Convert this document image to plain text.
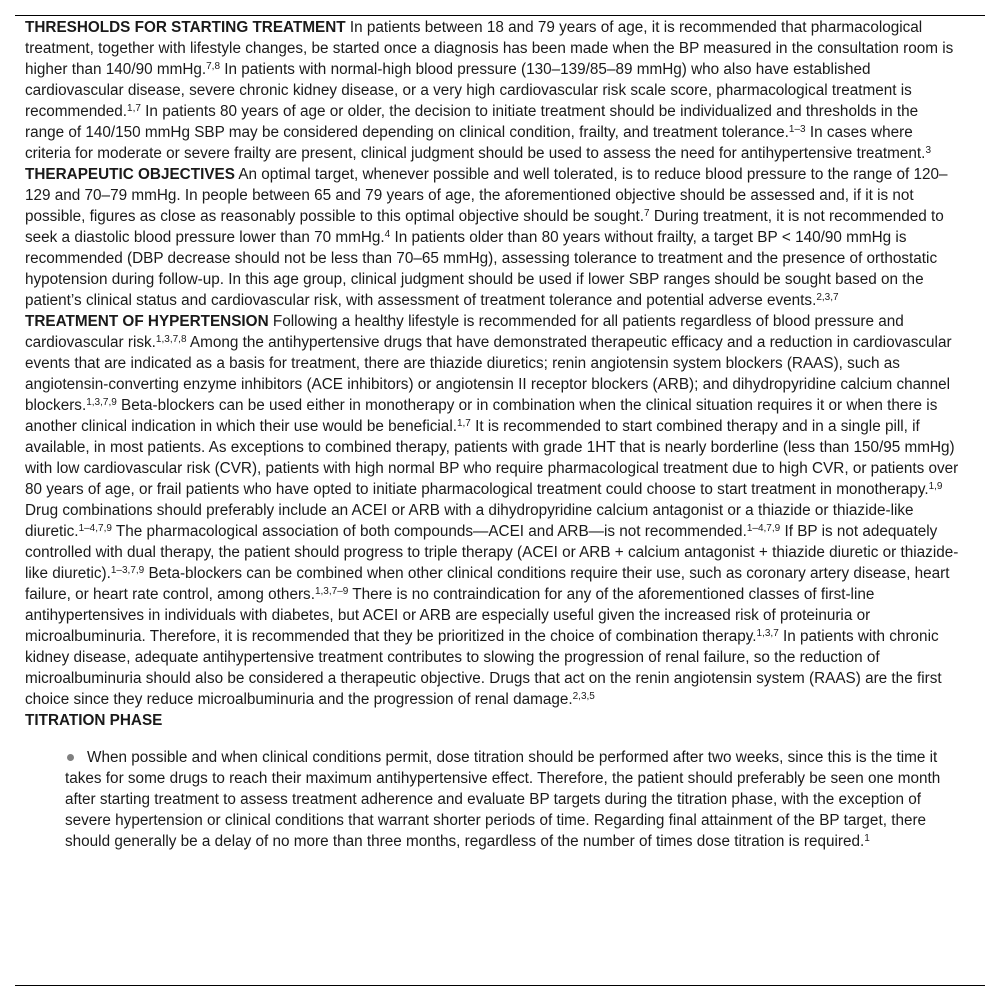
THRESHOLDS FOR STARTING TREATMENT In patients between 18 and 79 years of age, it is recommended that pharmacological treatment, together with lifestyle changes, be started once a diagnosis has been made when the BP measured in the consultation room is higher than 140/90 mmHg.$^{7,8}$ In patients with normal-high blood pressure (130–139/85–89 mmHg) who also have established cardiovascular disease, severe chronic kidney disease, or a very high cardiovascular risk scale score, pharmacological treatment is recommended.$^{1,7}$ In patients 80 years of age or older, the decision to initiate treatment should be individualized and thresholds in the range of 140/150 mmHg SBP may be considered depending on clinical condition, frailty, and treatment tolerance.$^{1-3}$ In cases where criteria for moderate or severe frailty are present, clinical judgment should be used to assess the need for antihypertensive treatment.$^3$

THERAPEUTIC OBJECTIVES An optimal target, whenever possible and well tolerated, is to reduce blood pressure to the range of 120–129 and 70–79 mmHg. In people between 65 and 79 years of age, the aforementioned objective should be assessed and, if it is not possible, figures as close as reasonably possible to this optimal objective should be sought.$^7$ During treatment, it is not recommended to seek a diastolic blood pressure lower than 70 mmHg.$^4$ In patients older than 80 years without frailty, a target BP < 140/90 mmHg is recommended (DBP decrease should not be less than 70–65 mmHg), assessing tolerance to treatment and the presence of orthostatic hypotension during follow-up. In this age group, clinical judgment should be used if lower SBP ranges should be sought based on the patient’s clinical status and cardiovascular risk, with assessment of treatment tolerance and potential adverse events.$^{2,3,7}$

TREATMENT OF HYPERTENSION Following a healthy lifestyle is recommended for all patients regardless of blood pressure and cardiovascular risk.$^{1,3,7,8}$ Among the antihypertensive drugs that have demonstrated therapeutic efficacy and a reduction in cardiovascular events that are indicated as a basis for treatment, there are thiazide diuretics; renin angiotensin system blockers (RAAS), such as angiotensin-converting enzyme inhibitors (ACE inhibitors) or angiotensin II receptor blockers (ARB); and dihydropyridine calcium channel blockers.$^{1,3,7,9}$ Beta-blockers can be used either in monotherapy or in combination when the clinical situation requires it or when there is another clinical indication in which their use would be beneficial.$^{1,7}$ It is recommended to start combined therapy and in a single pill, if available, in most patients. As exceptions to combined therapy, patients with grade 1HT that is nearly borderline (less than 150/95 mmHg) with low cardiovascular risk (CVR), patients with high normal BP who require pharmacological treatment due to high CVR, or patients over 80 years of age, or frail patients who have opted to initiate pharmacological treatment could choose to start treatment in monotherapy.$^{1,9}$ Drug combinations should preferably include an ACEI or ARB with a dihydropyridine calcium antagonist or a thiazide or thiazide-like diuretic.$^{1-4,7,9}$ The pharmacological association of both compounds—ACEI and ARB—is not recommended.$^{1-4,7,9}$ If BP is not adequately controlled with dual therapy, the patient should progress to triple therapy (ACEI or ARB + calcium antagonist + thiazide diuretic or thiazide-like diuretic).$^{1-3,7,9}$ Beta-blockers can be combined when other clinical conditions require their use, such as coronary artery disease, heart failure, or heart rate control, among others.$^{1,3,7-9}$ There is no contraindication for any of the aforementioned classes of first-line antihypertensives in individuals with diabetes, but ACEI or ARB are especially useful given the increased risk of proteinuria or microalbuminuria. Therefore, it is recommended that they be prioritized in the choice of combination therapy.$^{1,3,7}$ In patients with chronic kidney disease, adequate antihypertensive treatment contributes to slowing the progression of renal failure, so the reduction of microalbuminuria should also be considered a therapeutic objective. Drugs that act on the renin angiotensin system (RAAS) are the first choice since they reduce microalbuminuria and the progression of renal damage.$^{2,3,5}$

TITRATION PHASE

When possible and when clinical conditions permit, dose titration should be performed after two weeks, since this is the time it takes for some drugs to reach their maximum antihypertensive effect. Therefore, the patient should preferably be seen one month after starting treatment to assess treatment adherence and evaluate BP targets during the titration phase, with the exception of severe hypertension or clinical conditions that warrant shorter periods of time. Regarding final attainment of the BP target, there should generally be a delay of no more than three months, regardless of the number of times dose titration is required.$^1$
